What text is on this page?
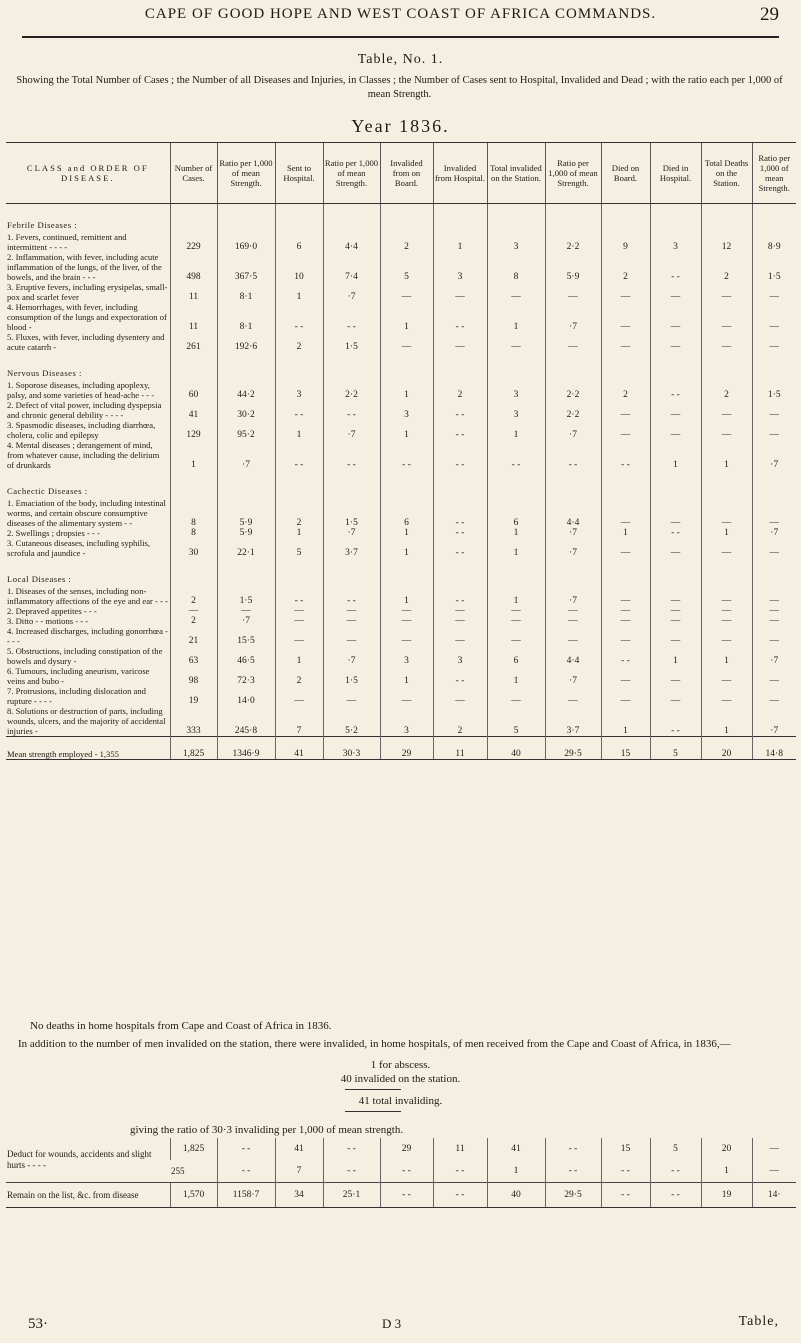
CAPE OF GOOD HOPE AND WEST COAST OF AFRICA COMMANDS.	29
Table, No. 1.
Showing the Total Number of Cases ; the Number of all Diseases and Injuries, in Classes ; the Number of Cases sent to Hospital, Invalided and Dead ; with the ratio each per 1,000 of mean Strength.
Year 1836.
CLASS and ORDER OF DISEASE.	Number of Cases.	Ratio per 1,000 of mean Strength.	Sent to Hospital.	Ratio per 1,000 of mean Strength.	Invalided from on Board.	Invalided from Hospital.	Total invalided on the Station.	Ratio per 1,000 of mean Strength.	Died on Board.	Died in Hospital.	Total Deaths on the Station.	Ratio per 1,000 of mean Strength.
Febrile Diseases :												
1. Fevers, continued, remittent and intermittent - - - -	229	169·0	6	4·4	2	1	3	2·2	9	3	12	8·9
2. Inflammation, with fever, including acute inflammation of the lungs, of the liver, of the bowels, and the brain - - -	498	367·5	10	7·4	5	3	8	5·9	2	- -	2	1·5
3. Eruptive fevers, including erysipelas, small-pox and scarlet fever	11	8·1	1	·7	—	—	—	—	—	—	—	—
4. Hemorrhages, with fever, including consumption of the lungs and expectoration of blood -	11	8·1	- -	- -	1	- -	1	·7	—	—	—	—
5. Fluxes, with fever, including dysentery and acute catarrh -	261	192·6	2	1·5	—	—	—	—	—	—	—	—
Nervous Diseases :												
1. Soporose diseases, including apoplexy, palsy, and some varieties of head-ache - - -	60	44·2	3	2·2	1	2	3	2·2	2	- -	2	1·5
2. Defect of vital power, including dyspepsia and chronic general debility - - - -	41	30·2	- -	- -	3	- -	3	2·2	—	—	—	—
3. Spasmodic diseases, including diarrhœa, cholera, colic and epilepsy	129	95·2	1	·7	1	- -	1	·7	—	—	—	—
4. Mental diseases ; derangement of mind, from whatever cause, including the delirium of drunkards	1	·7	- -	- -	- -	- -	- -	- -	- -	1	1	·7
Cachectic Diseases :												
1. Emaciation of the body, including intestinal worms, and certain obscure consumptive diseases of the alimentary system - -	8	5·9	2	1·5	6	- -	6	4·4	—	—	—	—
2. Swellings ; dropsies - - -	8	5·9	1	·7	1	- -	1	·7	1	- -	1	·7
3. Cutaneous diseases, including syphilis, scrofula and jaundice -	30	22·1	5	3·7	1	- -	1	·7	—	—	—	—
Local Diseases :												
1. Diseases of the senses, including non-inflammatory affections of the eye and ear - - -	2	1·5	- -	- -	1	- -	1	·7	—	—	—	—
2. Depraved appetites - - -	—	—	—	—	—	—	—	—	—	—	—	—
3. Ditto - - motions - - -	2	·7	—	—	—	—	—	—	—	—	—	—
4. Increased discharges, including gonorrhœa - - - -	21	15·5	—	—	—	—	—	—	—	—	—	—
5. Obstructions, including constipation of the bowels and dysury -	63	46·5	1	·7	3	3	6	4·4	- -	1	1	·7
6. Tumours, including aneurism, varicose veins and bubo -	98	72·3	2	1·5	1	- -	1	·7	—	—	—	—
7. Protrusions, including dislocation and rupture - - - -	19	14·0	—	—	—	—	—	—	—	—	—	—
8. Solutions or destruction of parts, including wounds, ulcers, and the majority of accidental injuries -	333	245·8	7	5·2	3	2	5	3·7	1	- -	1	·7
Mean strength employed - 1,355	1,825	1346·9	41	30·3	29	11	40	29·5	15	5	20	14·8
No deaths in home hospitals from Cape and Coast of Africa in 1836.
In addition to the number of men invalided on the station, there were invalided, in home hospitals, of men received from the Cape and Coast of Africa, in 1836,—
1 for abscess.
40 invalided on the station.
41 total invaliding.
giving the ratio of 30·3 invaliding per 1,000 of mean strength.
Deduct for wounds, accidents and slight hurts - - - -	1,825	- -	41	- -	29	11	41	- -	15	5	20	—
	255	- -	7	- -	- -	- -	1	- -	- -	- -	1	—
Remain on the list, &c. from disease	1,570	1158·7	34	25·1	- -	- -	40	29·5	- -	- -	19	14·
53·	D 3	Table,
